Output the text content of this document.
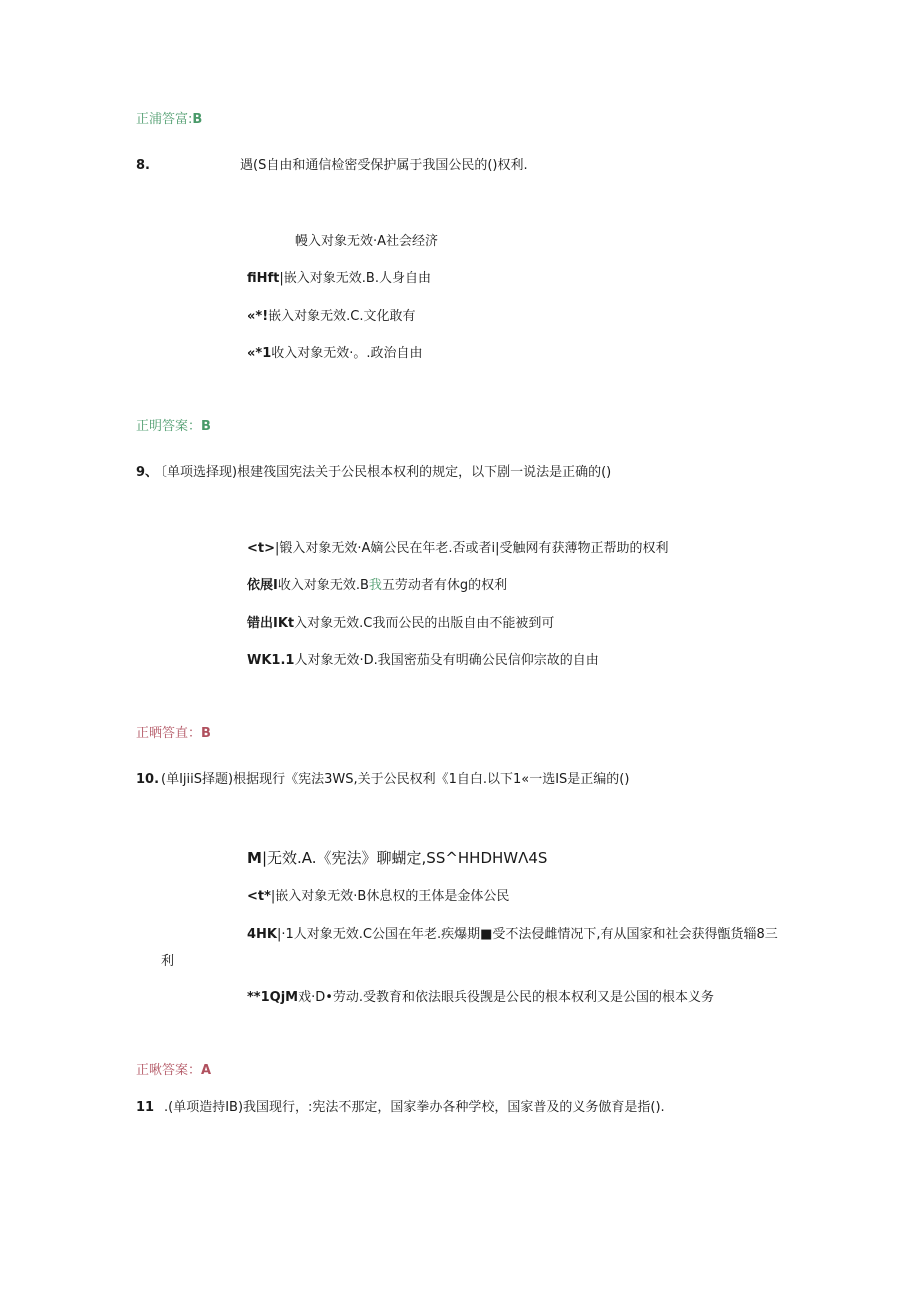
正浦答富:B
8.	遇(S自由和通信检密受保护属于我国公民的()权利.
幔入对象无效·A社会经济
fiHft|嵌入对象无效.B.人身自由
«*!嵌入对象无效.C.文化敢有
«*1收入对象无效·。.政治自由
正明答案：B
9、
〔单项选择现)根建筏国宪法关于公民根本权利的规定，以下剧一说法是正确的()
<t>|锻入对象无效·A嫡公民在年老.否或者i|受触网有获薄物正帮助的权利
依展I收入对象无效.B我五劳动者有休g的权利
错出IKt入对象无效.C我而公民的出版自由不能被到可
WK1.1人对象无效·D.我国密茄殳有明确公民信仰宗故的自由
正晒答直：B
10. (单IjiiS择题)根据现行《宪法3WS,关于公民权利《1自白.以下1«一选IS是正编的()
M|无效.A.《宪法》聊蝴定,SS^HHDHWΛ4S
<t*|嵌入对象无效·B休息权的王体是金体公民
4HK|·1人对象无效.C公国在年老.疾爆期■受不法侵雌情况下,有从国家和社会获得甑货辎8三
利
**1QjM戏·D•劳动.受教育和依法眼兵役觊是公民的根本权利又是公国的根本义务
正啾答案：A
11 .(单项造持IB)我国现行，:宪法不那定，国家拳办各种学校，国家普及的义务倣育是指().
